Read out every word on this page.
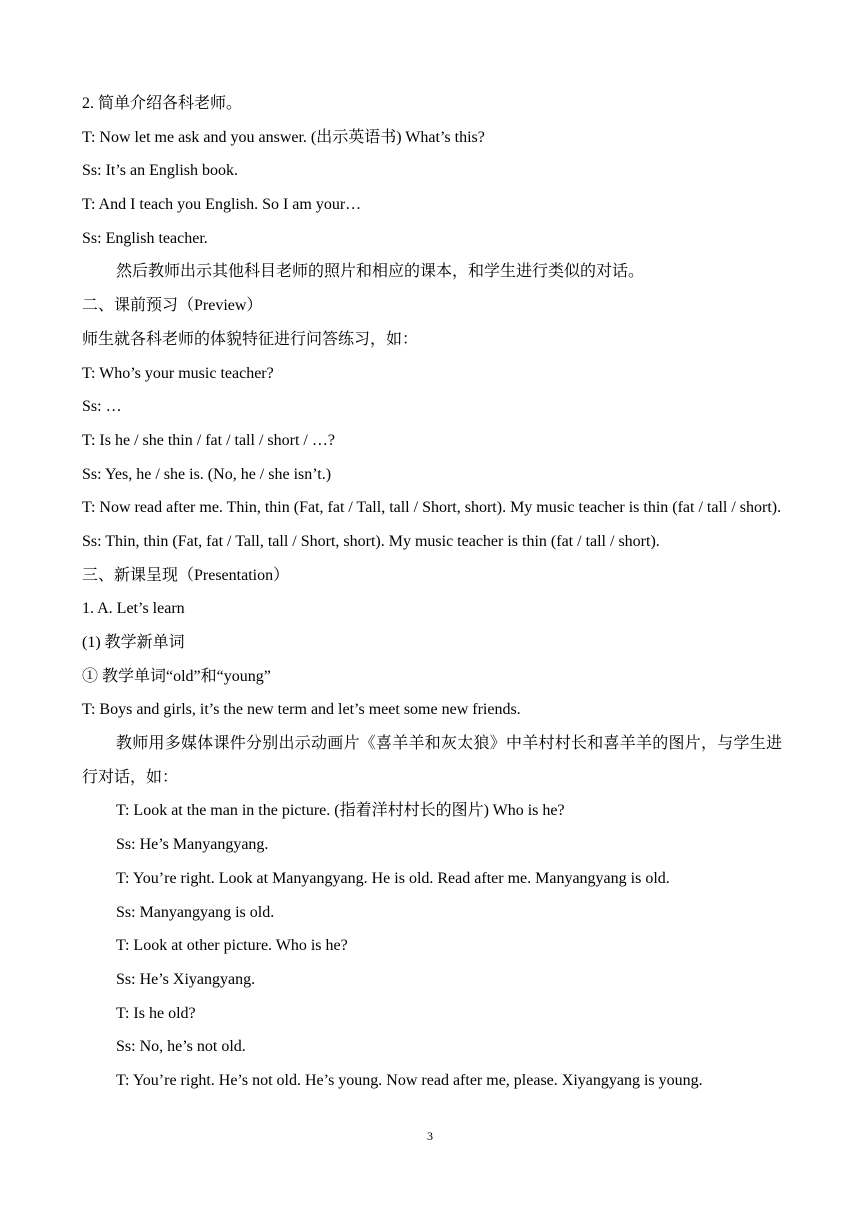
2. 简单介绍各科老师。
T: Now let me ask and you answer. (出示英语书) What’s this?
Ss: It’s an English book.
T: And I teach you English. So I am your…
Ss: English teacher.
然后教师出示其他科目老师的照片和相应的课本，和学生进行类似的对话。
二、课前预习（Preview）
师生就各科老师的体貌特征进行问答练习，如：
T: Who’s your music teacher?
Ss: …
T: Is he / she thin / fat / tall / short / …?
Ss: Yes, he / she is. (No, he / she isn’t.)
T: Now read after me. Thin, thin (Fat, fat / Tall, tall / Short, short). My music teacher is thin (fat / tall / short).
Ss: Thin, thin (Fat, fat / Tall, tall / Short, short). My music teacher is thin (fat / tall / short).
三、新课呈现（Presentation）
1. A. Let’s learn
(1) 教学新单词
① 教学单词“old”和“young”
T: Boys and girls, it’s the new term and let’s meet some new friends.
教师用多媒体课件分别出示动画片《喜羊羊和灰太狼》中羊村村长和喜羊羊的图片，与学生进行对话，如：
T: Look at the man in the picture. (指着洋村村长的图片) Who is he?
Ss: He’s Manyangyang.
T: You’re right. Look at Manyangyang. He is old. Read after me. Manyangyang is old.
Ss: Manyangyang is old.
T: Look at other picture. Who is he?
Ss: He’s Xiyangyang.
T: Is he old?
Ss: No, he’s not old.
T: You’re right. He’s not old. He’s young. Now read after me, please. Xiyangyang is young.
3
